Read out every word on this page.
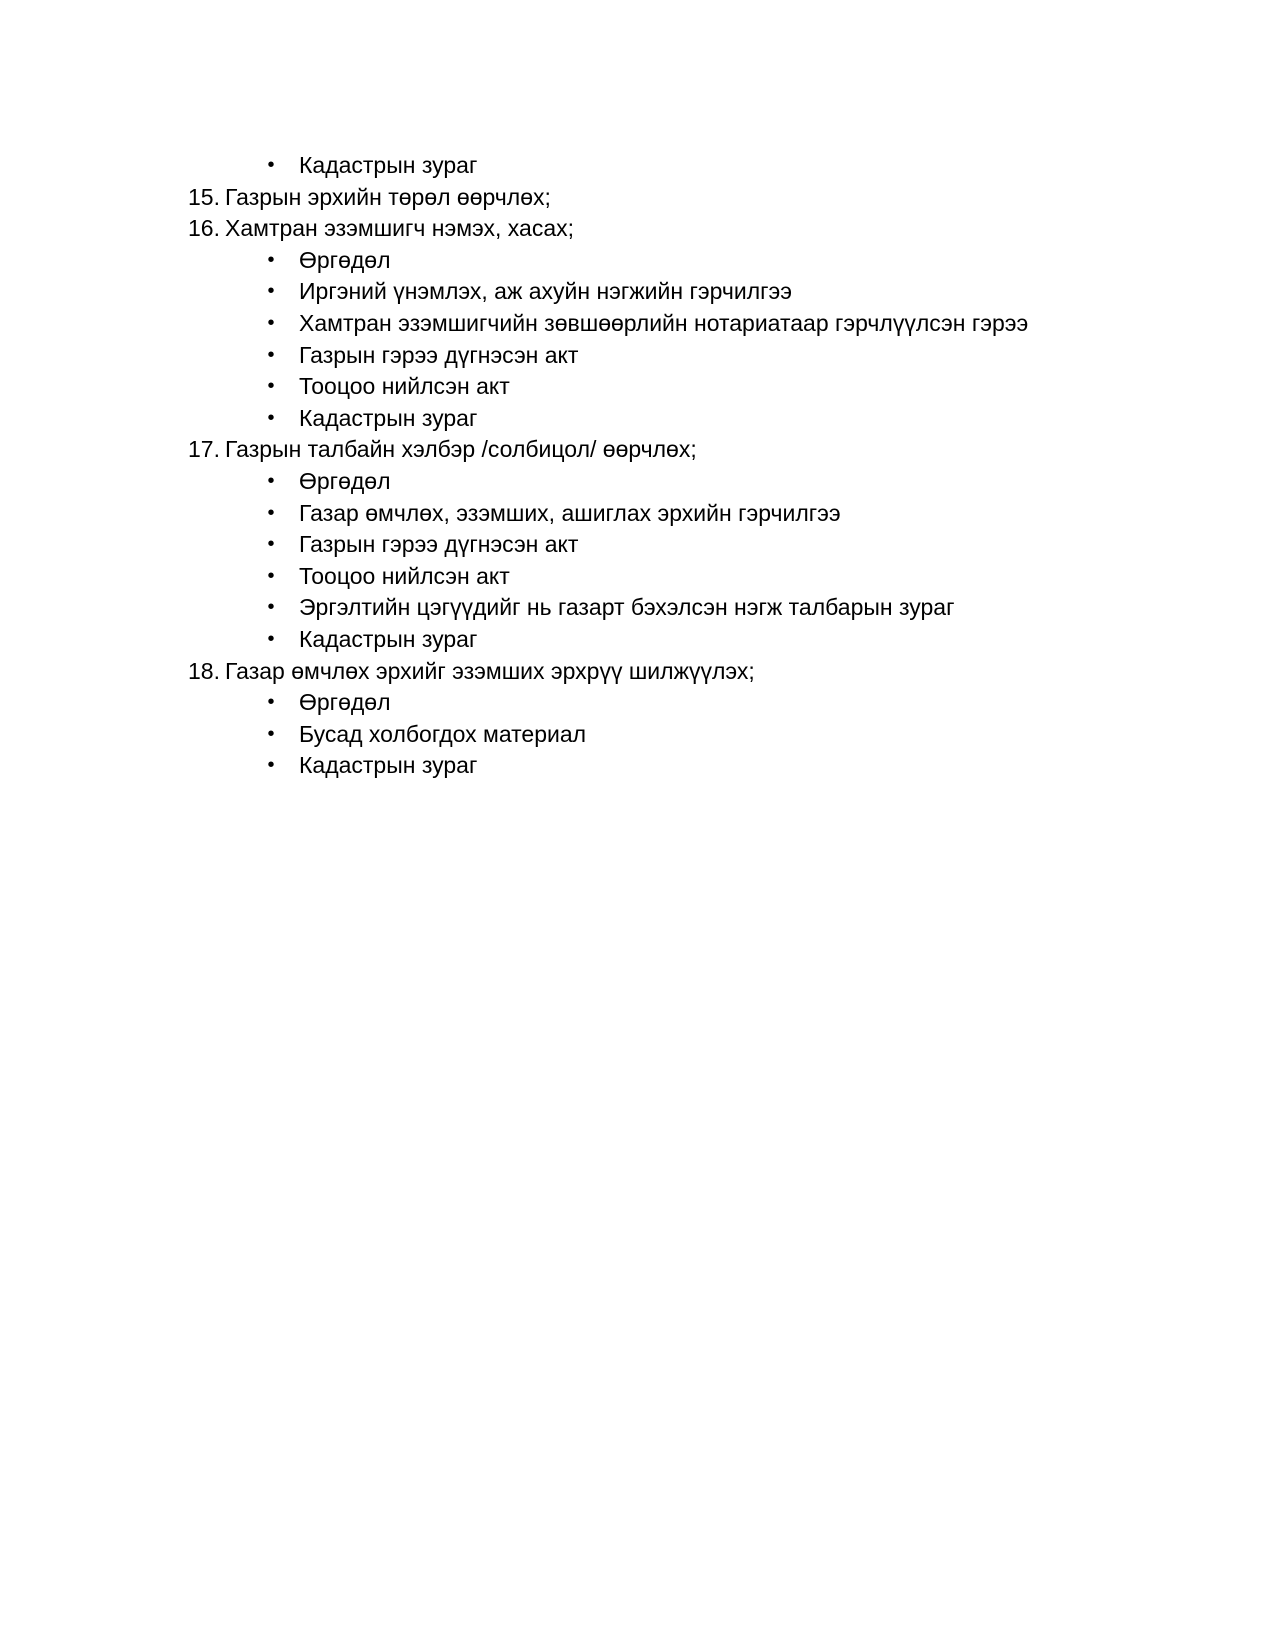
• Кадастрын зураг
15. Газрын эрхийн төрөл өөрчлөх;
16. Хамтран эзэмшигч нэмэх, хасах;
• Өргөдөл
• Иргэний үнэмлэх, аж ахуйн нэгжийн гэрчилгээ
• Хамтран эзэмшигчийн зөвшөөрлийн нотариатаар гэрчлүүлсэн гэрээ
• Газрын гэрээ дүгнэсэн акт
• Тооцоо нийлсэн акт
• Кадастрын зураг
17. Газрын талбайн хэлбэр /солбицол/ өөрчлөх;
• Өргөдөл
• Газар өмчлөх, эзэмших, ашиглах эрхийн гэрчилгээ
• Газрын гэрээ дүгнэсэн акт
• Тооцоо нийлсэн акт
• Эргэлтийн цэгүүдийг нь газарт бэхэлсэн нэгж талбарын зураг
• Кадастрын зураг
18. Газар өмчлөх эрхийг эзэмших эрхрүү шилжүүлэх;
• Өргөдөл
• Бусад холбогдох материал
• Кадастрын зураг
